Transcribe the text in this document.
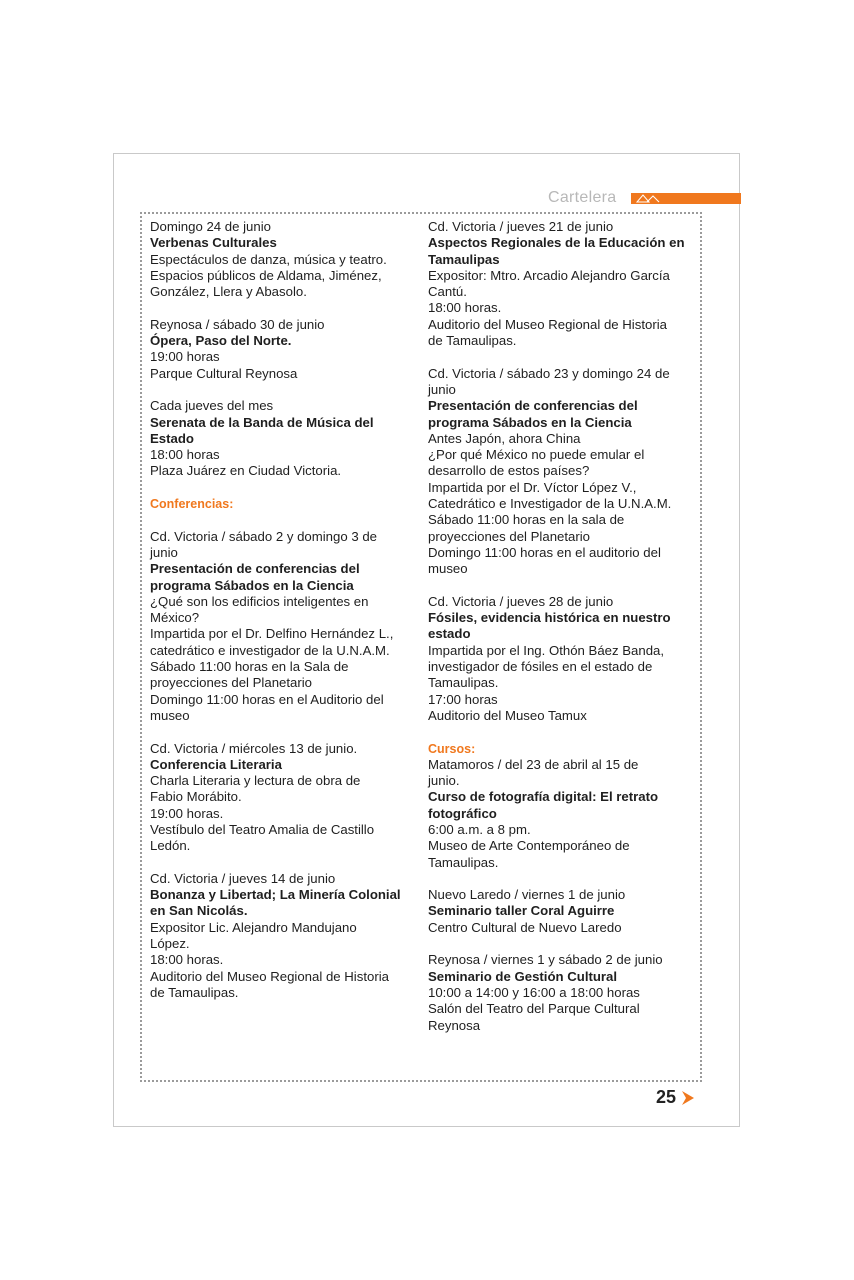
Cartelera

Domingo 24 de junio

Verbenas Culturales

Espectáculos de danza, música y teatro.

Espacios públicos de Aldama, Jiménez,

González, Llera y Abasolo.

Reynosa / sábado 30 de junio

Ópera, Paso del Norte.

19:00 horas

Parque Cultural Reynosa

Cada jueves del mes

Serenata de la Banda de Música del

Estado

18:00 horas

Plaza Juárez en Ciudad Victoria.

Conferencias:

Cd. Victoria / sábado 2 y domingo 3 de

junio

Presentación de conferencias del

programa Sábados en la Ciencia

¿Qué son los edificios inteligentes en

México?

Impartida por el Dr. Delfino Hernández L.,

catedrático e investigador de la U.N.A.M.

Sábado 11:00 horas en la Sala de

proyecciones del Planetario

Domingo 11:00 horas en el Auditorio del

museo

Cd. Victoria / miércoles 13 de junio.

Conferencia Literaria

Charla Literaria y lectura de obra de

Fabio Morábito.

19:00 horas.

Vestíbulo del Teatro Amalia de Castillo

Ledón.

Cd. Victoria / jueves 14 de junio

Bonanza y Libertad; La Minería Colonial

en San Nicolás.

Expositor Lic. Alejandro Mandujano

López.

18:00 horas.

Auditorio del Museo Regional de Historia

de Tamaulipas.

Cd. Victoria / jueves 21 de junio

Aspectos Regionales de la Educación en

Tamaulipas

Expositor: Mtro. Arcadio Alejandro García

Cantú.

18:00 horas.

Auditorio del Museo Regional de Historia

de Tamaulipas.

Cd. Victoria / sábado 23 y domingo 24 de

junio

Presentación de conferencias del

programa Sábados en la Ciencia

Antes Japón, ahora China

¿Por qué México no puede emular el

desarrollo de estos países?

Impartida por el Dr. Víctor López V.,

Catedrático e Investigador de la U.N.A.M.

Sábado 11:00 horas en la sala de

proyecciones del Planetario

Domingo 11:00 horas en el auditorio del

museo

Cd. Victoria / jueves 28 de junio

Fósiles, evidencia histórica en nuestro

estado

Impartida por el Ing. Othón Báez Banda,

investigador de fósiles en el estado de

Tamaulipas.

17:00 horas

Auditorio del Museo Tamux

Cursos:

Matamoros / del 23 de abril al 15 de

junio.

Curso de fotografía digital: El retrato

fotográfico

6:00 a.m. a 8 pm.

Museo de Arte Contemporáneo de

Tamaulipas.

Nuevo Laredo / viernes 1 de junio

Seminario taller Coral Aguirre

Centro Cultural de Nuevo Laredo

Reynosa / viernes 1 y sábado 2 de junio

Seminario de Gestión Cultural

10:00 a 14:00 y 16:00 a 18:00 horas

Salón del Teatro del Parque Cultural

Reynosa

25
